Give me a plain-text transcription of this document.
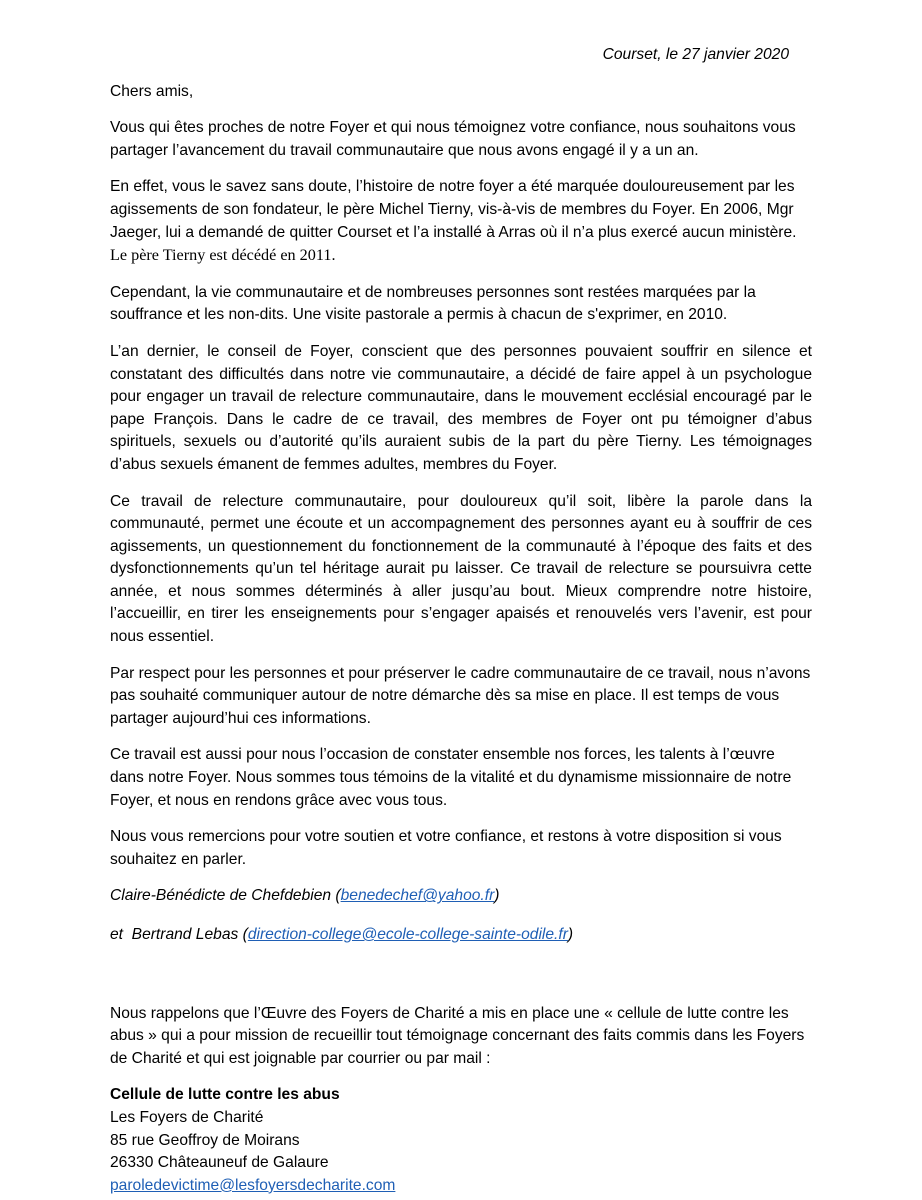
Courset, le 27 janvier 2020

Chers amis,

Vous qui êtes proches de notre Foyer et qui nous témoignez votre confiance, nous souhaitons vous partager l’avancement du travail communautaire que nous avons engagé il y a un an.

En effet, vous le savez sans doute, l’histoire de notre foyer a été marquée douloureusement par les agissements de son fondateur, le père Michel Tierny, vis-à-vis de membres du Foyer. En 2006, Mgr Jaeger, lui a demandé de quitter Courset et l’a installé à Arras où il n’a plus exercé aucun ministère.
Le père Tierny est décédé en 2011.

Cependant, la vie communautaire et de nombreuses personnes sont restées marquées par la souffrance et les non-dits. Une visite pastorale a permis à chacun de s'exprimer, en 2010.

L’an dernier, le conseil de Foyer, conscient que des personnes pouvaient souffrir en silence et constatant des difficultés dans notre vie communautaire, a décidé de faire appel à un psychologue pour engager un travail de relecture communautaire, dans le mouvement ecclésial encouragé par le pape François. Dans le cadre de ce travail, des membres de Foyer ont pu témoigner d’abus spirituels, sexuels ou d’autorité qu’ils auraient subis de la part du père Tierny. Les témoignages d’abus sexuels émanent de femmes adultes, membres du Foyer.

Ce travail de relecture communautaire, pour douloureux qu’il soit, libère la parole dans la communauté, permet une écoute et un accompagnement des personnes ayant eu à souffrir de ces agissements, un questionnement du fonctionnement de la communauté à l’époque des faits et des dysfonctionnements qu’un tel héritage aurait pu laisser. Ce travail de relecture se poursuivra cette année, et nous sommes déterminés à aller jusqu’au bout. Mieux comprendre notre histoire, l’accueillir, en tirer les enseignements pour s’engager apaisés et renouvelés vers l’avenir, est pour nous essentiel.

Par respect pour les personnes et pour préserver le cadre communautaire de ce travail, nous n’avons pas souhaité communiquer autour de notre démarche dès sa mise en place. Il est temps de vous partager aujourd’hui ces informations.

Ce travail est aussi pour nous l’occasion de constater ensemble nos forces, les talents à l’œuvre dans notre Foyer. Nous sommes tous témoins de la vitalité et du dynamisme missionnaire de notre Foyer, et nous en rendons grâce avec vous tous.

Nous vous remercions pour votre soutien et votre confiance, et restons à votre disposition si vous souhaitez en parler.

Claire-Bénédicte de Chefdebien (benedechef@yahoo.fr)

et  Bertrand Lebas (direction-college@ecole-college-sainte-odile.fr)

Nous rappelons que l’Œuvre des Foyers de Charité a mis en place une « cellule de lutte contre les abus » qui a pour mission de recueillir tout témoignage concernant des faits commis dans les Foyers de Charité et qui est joignable par courrier ou par mail :

Cellule de lutte contre les abus
Les Foyers de Charité
85 rue Geoffroy de Moirans
26330 Châteauneuf de Galaure
paroledevictime@lesfoyersdecharite.com
